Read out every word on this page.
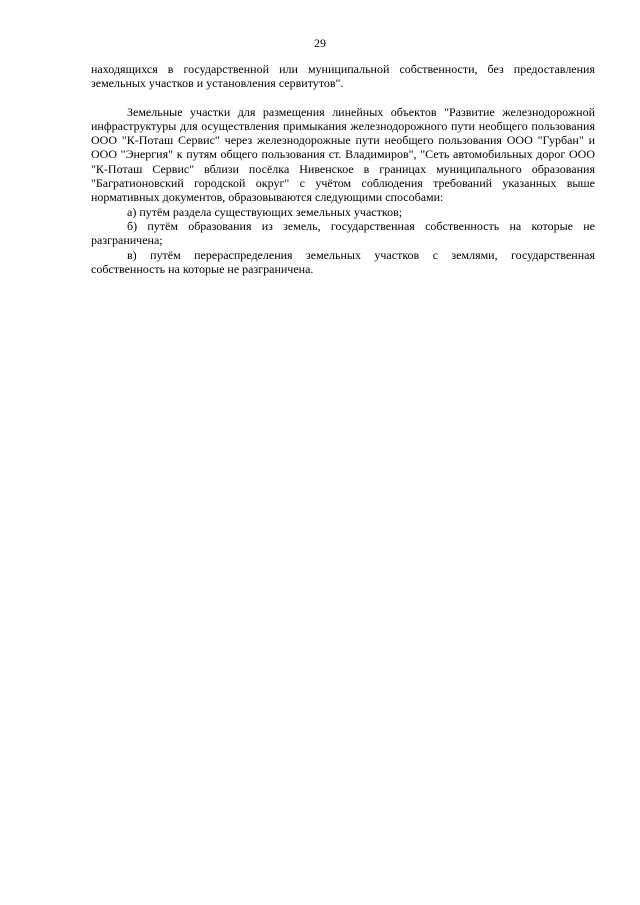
29

находящихся в государственной или муниципальной собственности, без предоставления земельных участков и установления сервитутов".

Земельные участки для размещения линейных объектов "Развитие железнодорожной инфраструктуры для осуществления примыкания железнодорожного пути необщего пользования ООО "К-Поташ Сервис" через железнодорожные пути необщего пользования ООО "Гурбан" и ООО "Энергия" к путям общего пользования ст. Владимиров", "Сеть автомобильных дорог ООО "К-Поташ Сервис" вблизи посёлка Нивенское в границах муниципального образования "Багратионовский городской округ" с учётом соблюдения требований указанных выше нормативных документов, образовываются следующими способами:

а) путём раздела существующих земельных участков;

б) путём образования из земель, государственная собственность на которые не разграничена;

в) путём перераспределения земельных участков с землями, государственная собственность на которые не разграничена.
